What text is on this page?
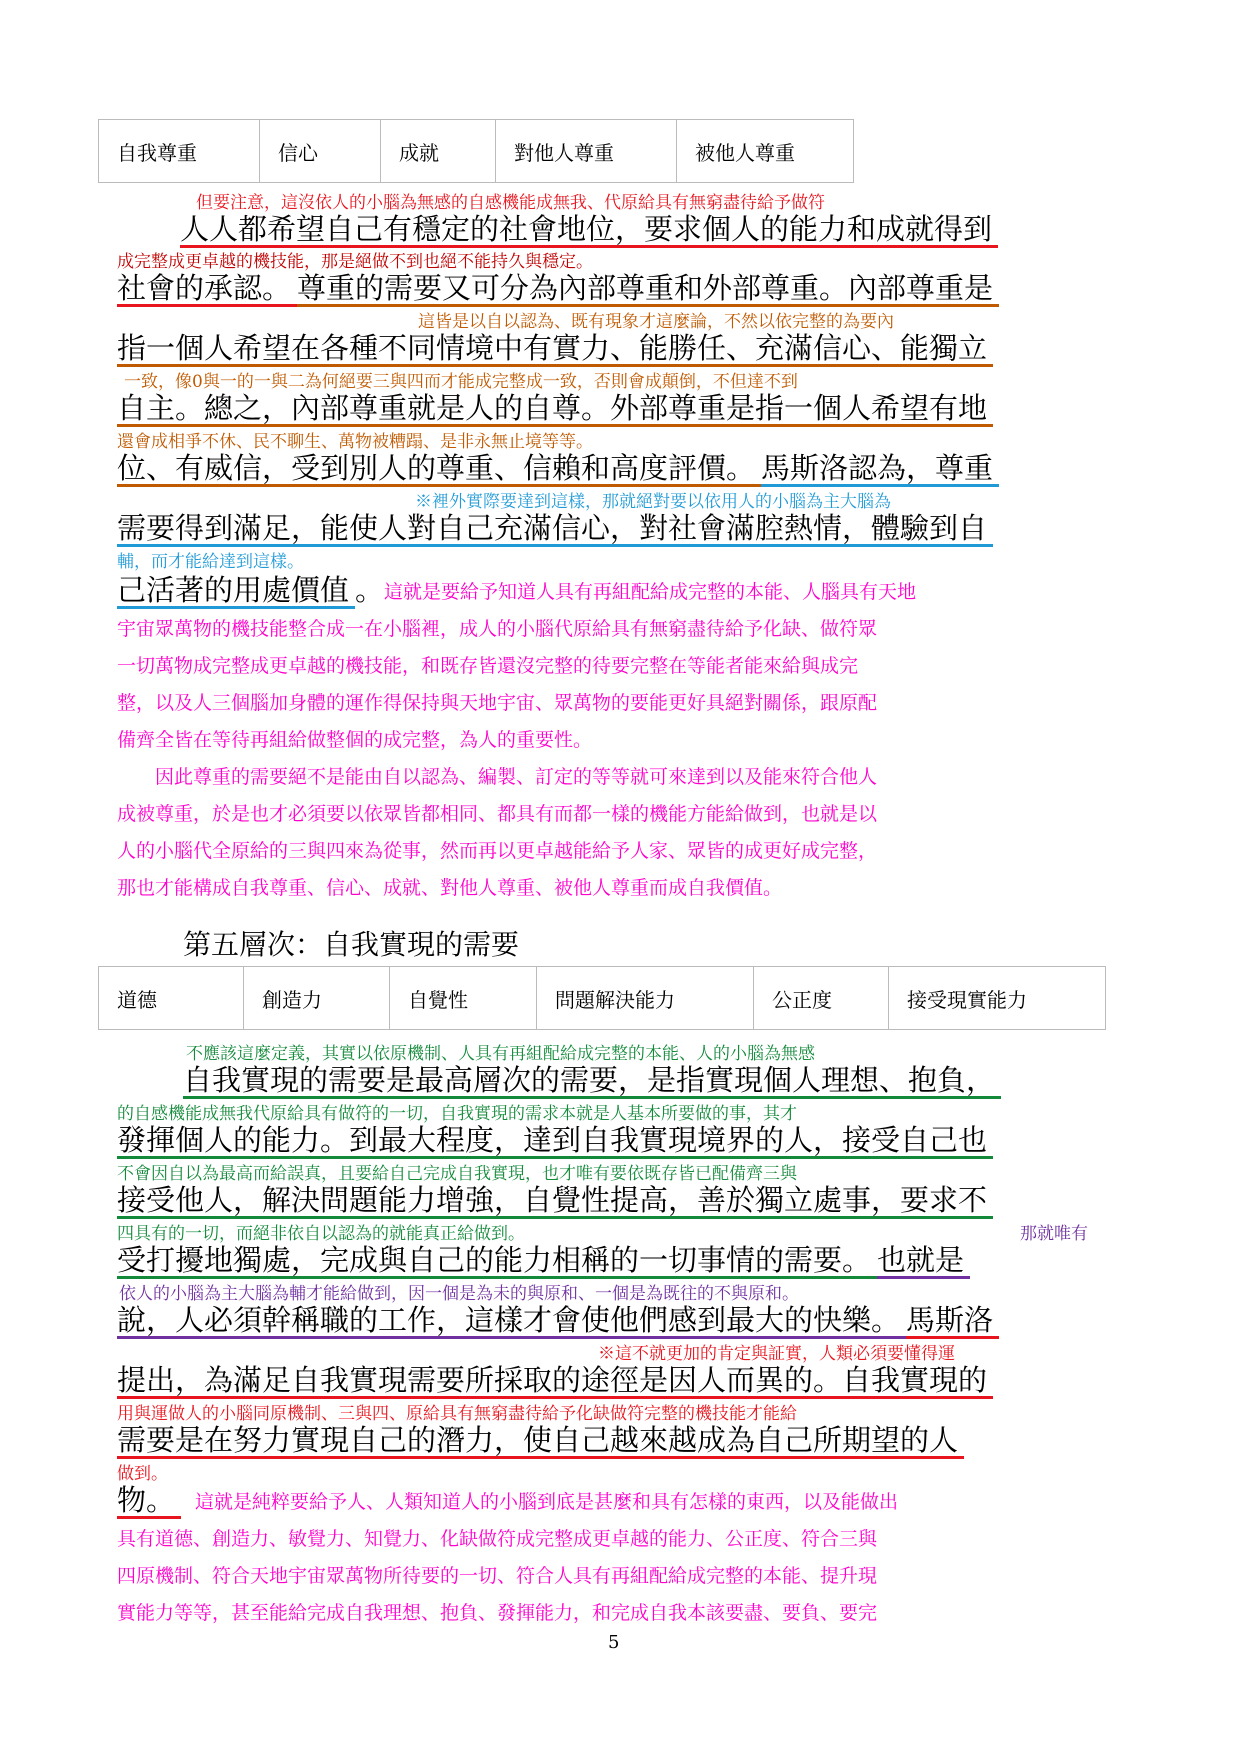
自我尊重	信心	成就	對他人尊重	被他人尊重
但要注意，這沒依人的小腦為無感的自感機能成無我、代原給具有無窮盡待給予做符
人人都希望自己有穩定的社會地位，要求個人的能力和成就得到
成完整成更卓越的機技能，那是絕做不到也絕不能持久與穩定。
社會的承認。 尊重的需要又可分為內部尊重和外部尊重。內部尊重是
這皆是以自以認為、既有現象才這麼論，不然以依完整的為要內
指一個人希望在各種不同情境中有實力、能勝任、充滿信心、能獨立
一致，像0與一的一與二為何絕要三與四而才能成完整成一致，否則會成顛倒，不但達不到
自主。總之，內部尊重就是人的自尊。外部尊重是指一個人希望有地
還會成相爭不休、民不聊生、萬物被糟蹋、是非永無止境等等。
位、有威信，受到別人的尊重、信賴和高度評價。 馬斯洛認為，尊重
※裡外實際要達到這樣，那就絕對要以依用人的小腦為主大腦為
需要得到滿足，能使人對自己充滿信心，對社會滿腔熱情，體驗到自
輔，而才能給達到這樣。
己活著的用處價值 。這就是要給予知道人具有再組配給成完整的本能、人腦具有天地
宇宙眾萬物的機技能整合成一在小腦裡，成人的小腦代原給具有無窮盡待給予化缺、做符眾
一切萬物成完整成更卓越的機技能，和既存皆還沒完整的待要完整在等能者能來給與成完
整，以及人三個腦加身體的運作得保持與天地宇宙、眾萬物的要能更好具絕對關係，跟原配
備齊全皆在等待再組給做整個的成完整，為人的重要性。
因此尊重的需要絕不是能由自以認為、編製、訂定的等等就可來達到以及能來符合他人
成被尊重，於是也才必須要以依眾皆都相同、都具有而都一樣的機能方能給做到，也就是以
人的小腦代全原給的三與四來為從事，然而再以更卓越能給予人家、眾皆的成更好成完整，
那也才能構成自我尊重、信心、成就、對他人尊重、被他人尊重而成自我價值。
第五層次：自我實現的需要
道德	創造力	自覺性	問題解決能力	公正度	接受現實能力
不應該這麼定義，其實以依原機制、人具有再組配給成完整的本能、人的小腦為無感
自我實現的需要是最高層次的需要，是指實現個人理想、抱負，
的自感機能成無我代原給具有做符的一切，自我實現的需求本就是人基本所要做的事，其才
發揮個人的能力。到最大程度，達到自我實現境界的人，接受自己也
不會因自以為最高而給誤真，且要給自己完成自我實現，也才唯有要依既存皆已配備齊三與
接受他人，解決問題能力增強，自覺性提高，善於獨立處事，要求不
四具有的一切，而絕非依自以認為的就能真正給做到。	那就唯有
受打擾地獨處，完成與自己的能力相稱的一切事情的需要。 也就是
依人的小腦為主大腦為輔才能給做到，因一個是為未的與原和、一個是為既往的不與原和。
說，人必須幹稱職的工作，這樣才會使他們感到最大的快樂。 馬斯洛
※這不就更加的肯定與証實，人類必須要懂得運
提出，為滿足自我實現需要所採取的途徑是因人而異的。自我實現的
用與運做人的小腦同原機制、三與四、原給具有無窮盡待給予化缺做符完整的機技能才能給
需要是在努力實現自己的潛力，使自己越來越成為自己所期望的人
做到。
物。 這就是純粹要給予人、人類知道人的小腦到底是甚麼和具有怎樣的東西，以及能做出
具有道德、創造力、敏覺力、知覺力、化缺做符成完整成更卓越的能力、公正度、符合三與
四原機制、符合天地宇宙眾萬物所待要的一切、符合人具有再組配給成完整的本能、提升現
實能力等等，甚至能給完成自我理想、抱負、發揮能力，和完成自我本該要盡、要負、要完
5
